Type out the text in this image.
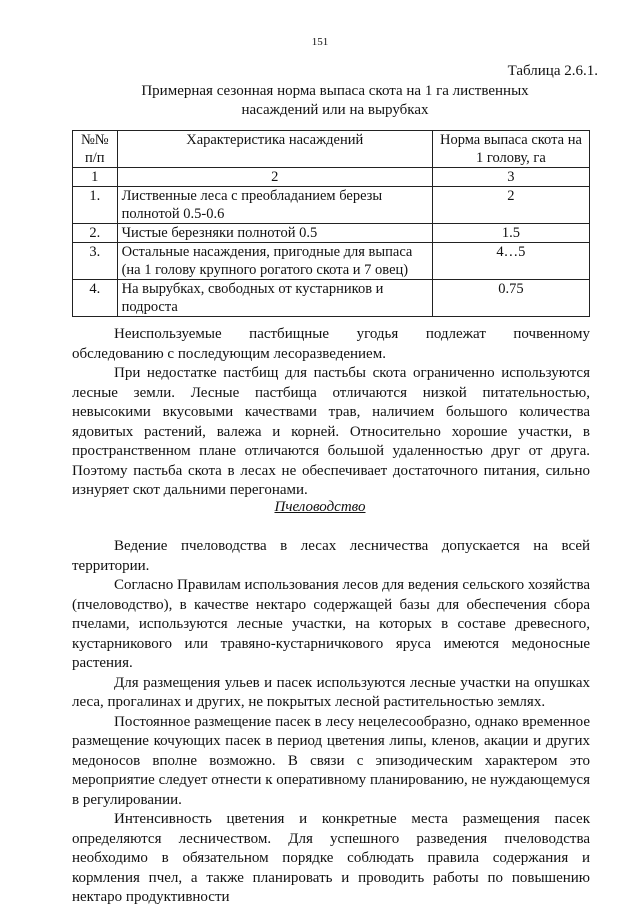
151
Таблица 2.6.1.
Примерная сезонная норма выпаса скота на 1 га лиственных
насаждений или на вырубках
№№ п/п	Характеристика насаждений	Норма выпаса скота на 1 голову, га
1	2	3
1.	Лиственные леса с преобладанием березы полнотой 0.5-0.6	2
2.	Чистые березняки полнотой 0.5	1.5
3.	Остальные насаждения, пригодные для выпаса (на 1 голову крупного рогатого скота и 7 овец)	4…5
4.	На вырубках, свободных от кустарников и подроста	0.75

Неиспользуемые пастбищные угодья подлежат почвенному обследованию с последующим лесоразведением.

При недостатке пастбищ для пастьбы скота ограниченно используются лесные земли. Лесные пастбища отличаются низкой питательностью, невысокими вкусовыми качествами трав, наличием большого количества ядовитых растений, валежа и корней. Относительно хорошие участки, в пространственном плане отличаются большой удаленностью друг от друга. Поэтому пастьба скота в лесах не обеспечивает достаточного питания, сильно изнуряет скот дальними перегонами.

Пчеловодство

Ведение пчеловодства в лесах лесничества допускается на всей территории.

Согласно Правилам использования лесов для ведения сельского хозяйства (пчеловодство), в качестве нектаро содержащей базы для обеспечения сбора пчелами, используются лесные участки, на которых в составе древесного, кустарникового или травяно-кустарничкового яруса имеются медоносные растения.

Для размещения ульев и пасек используются лесные участки на опушках леса, прогалинах и других, не покрытых лесной растительностью землях.

Постоянное размещение пасек в лесу нецелесообразно, однако временное размещение кочующих пасек в период цветения липы, кленов, акации и других медоносов вполне возможно. В связи с эпизодическим характером это мероприятие следует отнести к оперативному планированию, не нуждающемуся в регулировании.

Интенсивность цветения и конкретные места размещения пасек определяются лесничеством. Для успешного разведения пчеловодства необходимо в обязательном порядке соблюдать правила содержания и кормления пчел, а также планировать и проводить работы по повышению нектаро продуктивности
